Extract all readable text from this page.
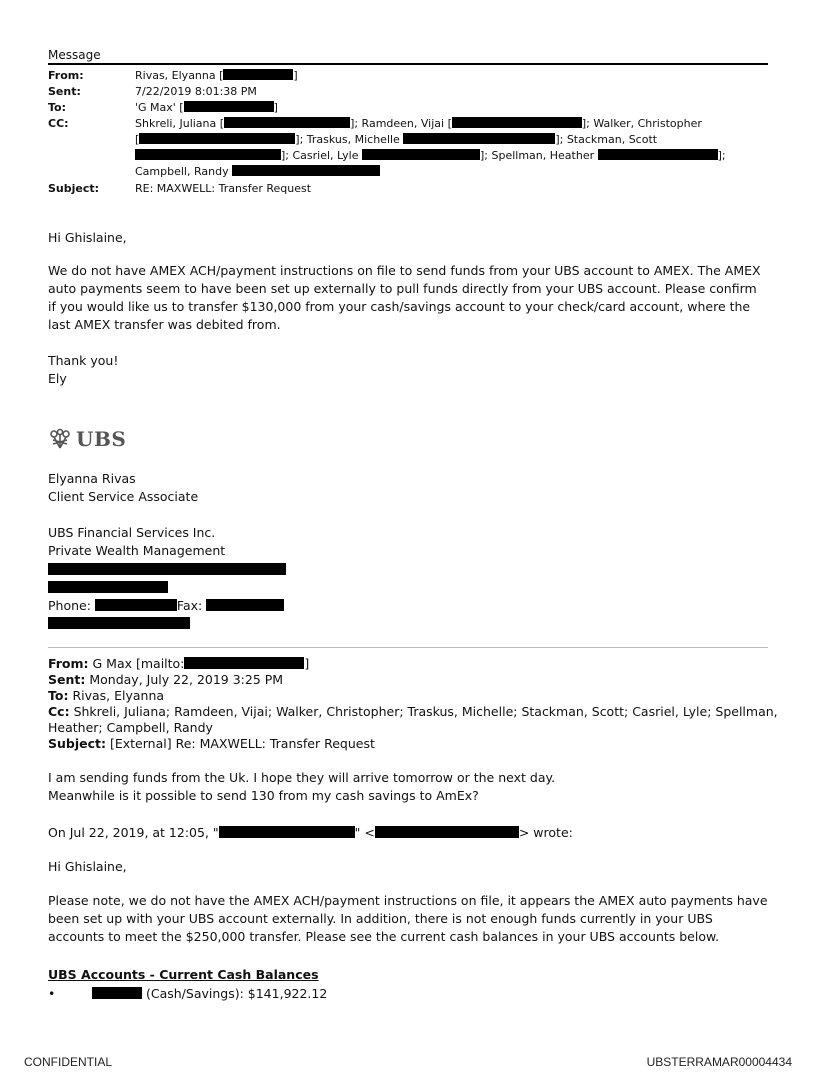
Message
From:	Rivas, Elyanna [	]
Sent:	7/22/2019 8:01:38 PM
To:	'G Max' [	]
CC:	Shkreli, Juliana [	]; Ramdeen, Vijai [	]; Walker, Christopher
[	]; Traskus, Michelle	]; Stackman, Scott
]; Casriel, Lyle	]; Spellman, Heather	];
Campbell, Randy
Subject:	RE: MAXWELL: Transfer Request
Hi Ghislaine,
We do not have AMEX ACH/payment instructions on file to send funds from your UBS account to AMEX. The AMEX auto payments seem to have been set up externally to pull funds directly from your UBS account. Please confirm if you would like us to transfer $130,000 from your cash/savings account to your check/card account, where the last AMEX transfer was debited from.
Thank you!
Ely
UBS
Elyanna Rivas
Client Service Associate
UBS Financial Services Inc.
Private Wealth Management
Phone:	Fax:
From: G Max [mailto:	]
Sent: Monday, July 22, 2019 3:25 PM
To: Rivas, Elyanna
Cc: Shkreli, Juliana; Ramdeen, Vijai; Walker, Christopher; Traskus, Michelle; Stackman, Scott; Casriel, Lyle; Spellman, Heather; Campbell, Randy
Subject: [External] Re: MAXWELL: Transfer Request
I am sending funds from the Uk. I hope they will arrive tomorrow or the next day.
Meanwhile is it possible to send 130 from my cash savings to AmEx?
On Jul 22, 2019, at 12:05, "	" <	> wrote:
Hi Ghislaine,
Please note, we do not have the AMEX ACH/payment instructions on file, it appears the AMEX auto payments have been set up with your UBS account externally. In addition, there is not enough funds currently in your UBS accounts to meet the $250,000 transfer. Please see the current cash balances in your UBS accounts below.
UBS Accounts - Current Cash Balances
•	(Cash/Savings): $141,922.12
CONFIDENTIAL	UBSTERRAMAR00004434
